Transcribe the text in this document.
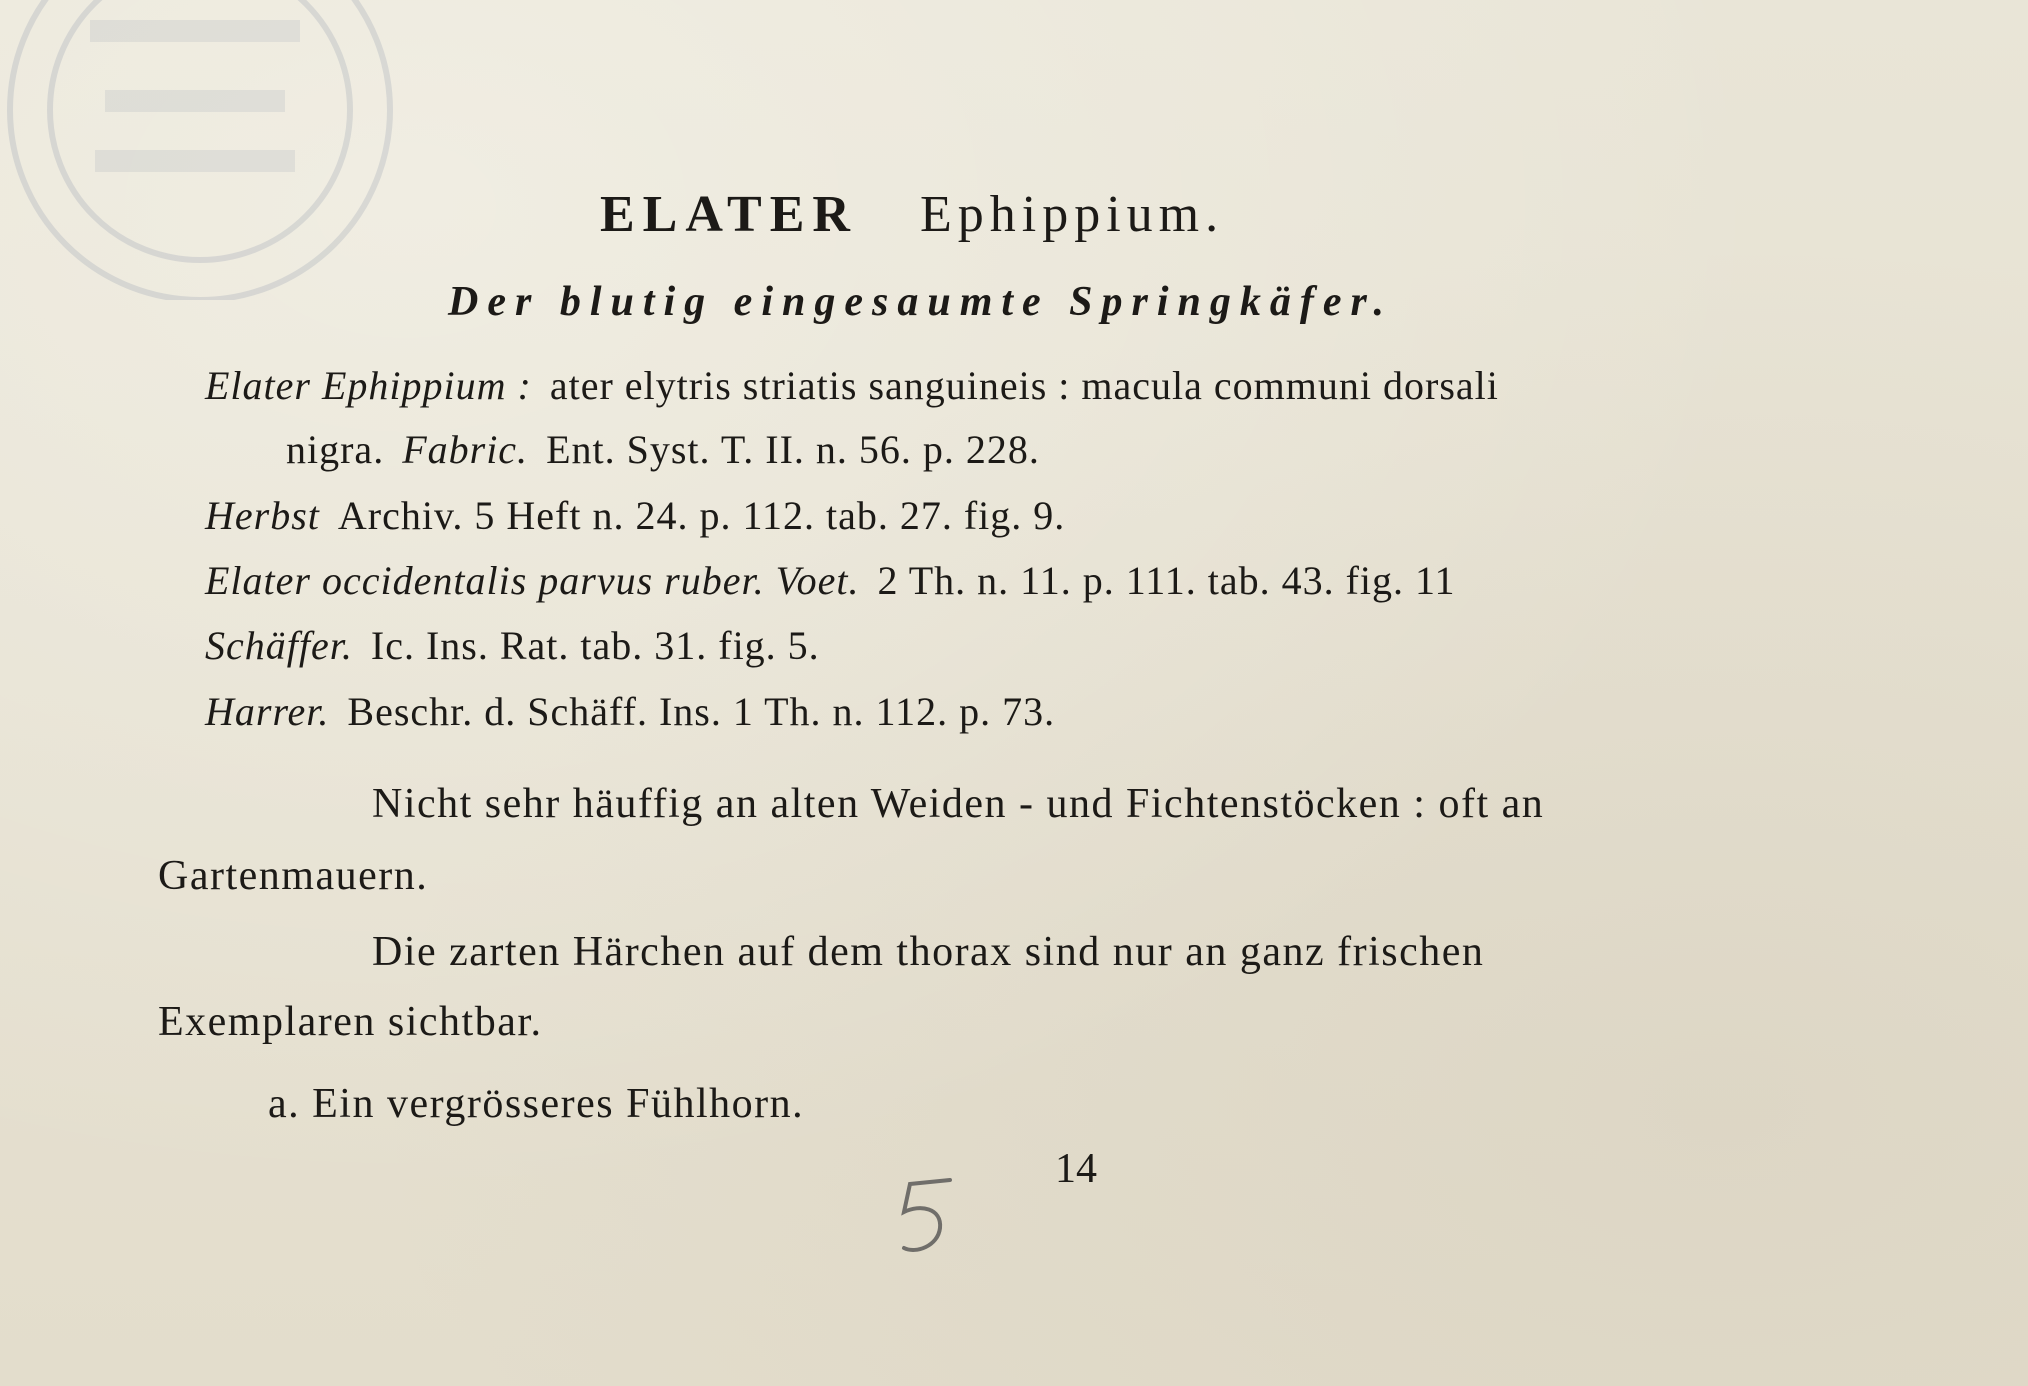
ELATER Ephippium.
Der blutig eingesaumte Springkäfer.
Elater Ephippium : ater elytris striatis sanguineis : macula communi dorsali
nigra. Fabric. Ent. Syst. T. II. n. 56. p. 228.
Herbst Archiv. 5 Heft n. 24. p. 112. tab. 27. fig. 9.
Elater occidentalis parvus ruber. Voet. 2 Th. n. 11. p. 111. tab. 43. fig. 11
Schäffer. Ic. Ins. Rat. tab. 31. fig. 5.
Harrer. Beschr. d. Schäff. Ins. 1 Th. n. 112. p. 73.
Nicht sehr häuffig an alten Weiden - und Fichtenstöcken : oft an
Gartenmauern.
Die zarten Härchen auf dem thorax sind nur an ganz frischen
Exemplaren sichtbar.
a. Ein vergrösseres Fühlhorn.
14
